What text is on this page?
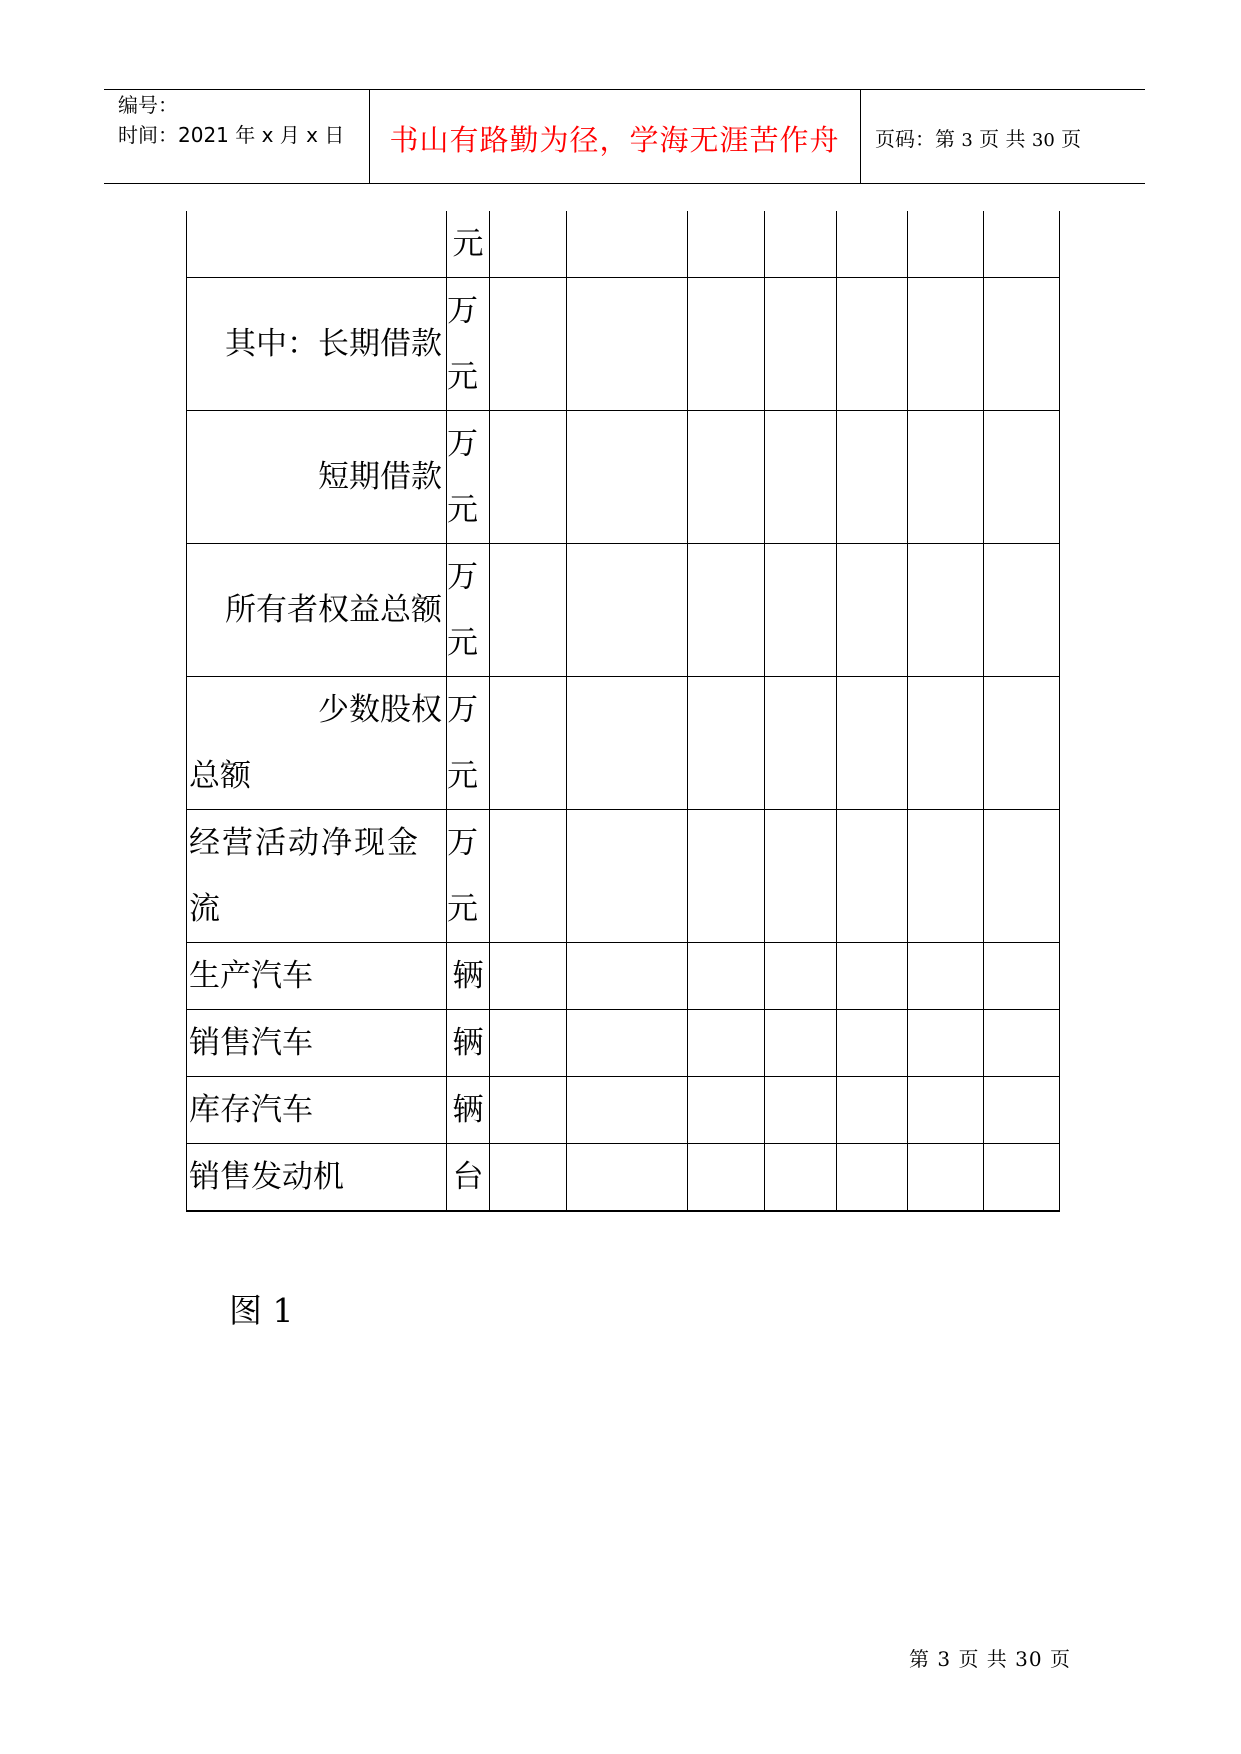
编号：
时间：2021 年 x 月 x 日	书山有路勤为径，学海无涯苦作舟	页码：第 3 页 共 30 页
	元							
其中：长期借款	万元							
短期借款	万元							
所有者权益总额	万元							

少数股权
总额	万元							

经营活动净现金
流	万元							
生产汽车	辆							
销售汽车	辆							
库存汽车	辆							
销售发动机	台							
图 1
第 3 页 共 30 页
